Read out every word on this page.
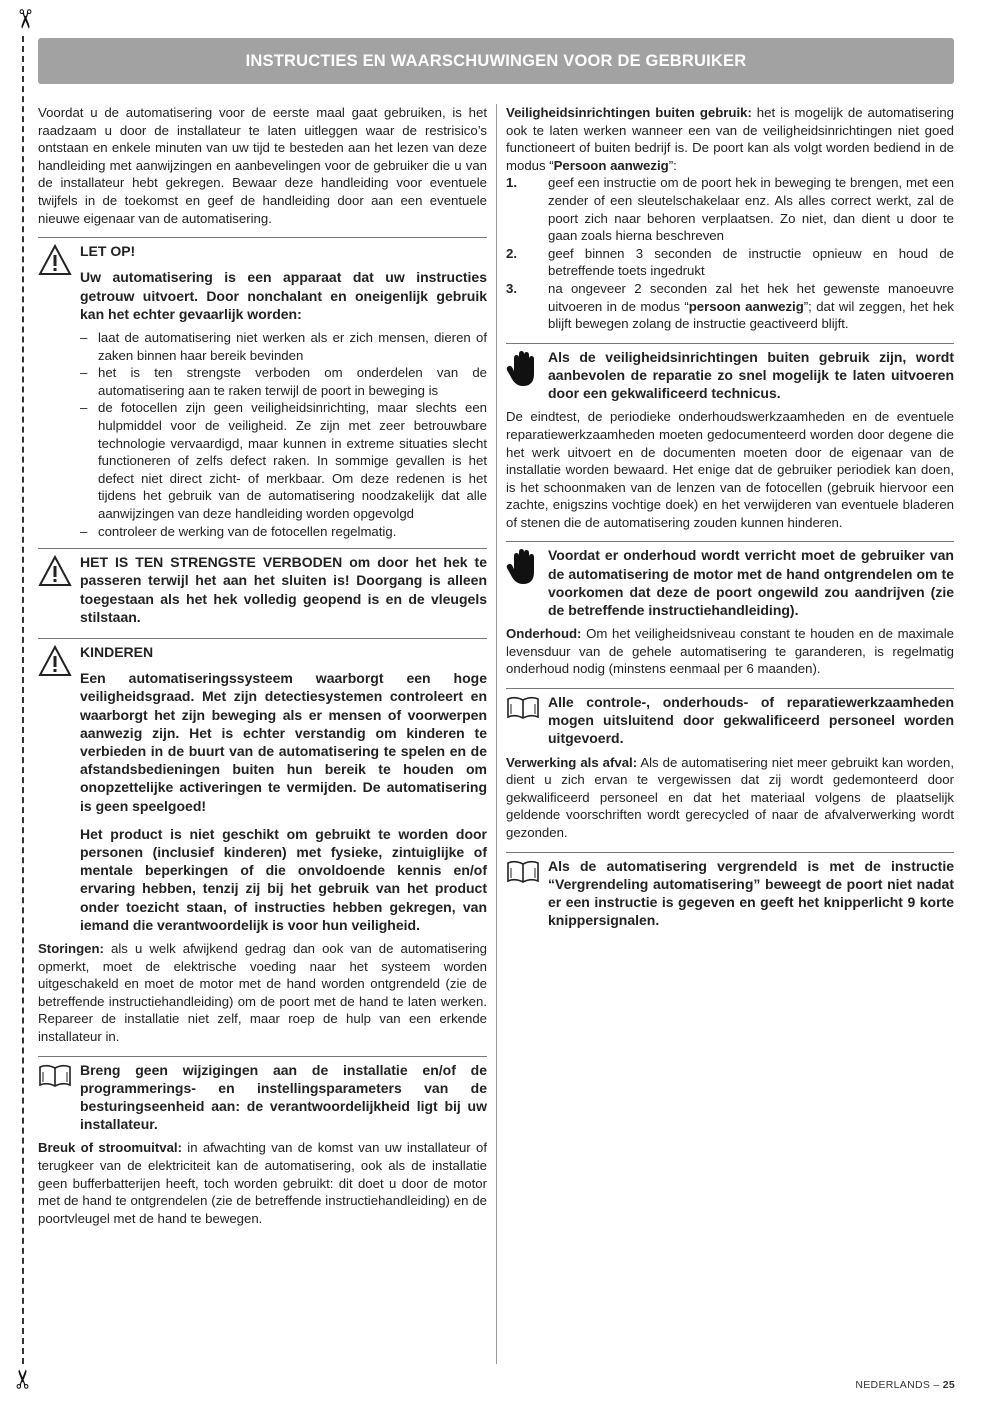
✂
✂
INSTRUCTIES EN WAARSCHUWINGEN VOOR DE GEBRUIKER

Voordat u de automatisering voor de eerste maal gaat gebruiken, is het raadzaam u door de installateur te laten uitleggen waar de restrisico’s ontstaan en enkele minuten van uw tijd te besteden aan het lezen van deze handleiding met aanwijzingen en aanbevelingen voor de gebruiker die u van de installateur hebt gekregen. Bewaar deze handleiding voor eventuele twijfels in de toekomst en geef de handleiding door aan een eventuele nieuwe eigenaar van de automatisering.

LET OP!

Uw automatisering is een apparaat dat uw instructies getrouw uitvoert. Door nonchalant en oneigenlijk gebruik kan het echter gevaarlijk worden:

– laat de automatisering niet werken als er zich mensen, dieren of zaken binnen haar bereik bevinden
– het is ten strengste verboden om onderdelen van de automatisering aan te raken terwijl de poort in beweging is
– de fotocellen zijn geen veiligheidsinrichting, maar slechts een hulpmiddel voor de veiligheid. Ze zijn met zeer betrouwbare technologie vervaardigd, maar kunnen in extreme situaties slecht functioneren of zelfs defect raken. In sommige gevallen is het defect niet direct zicht- of merkbaar. Om deze redenen is het tijdens het gebruik van de automatisering noodzakelijk dat alle aanwijzingen van deze handleiding worden opgevolgd
– controleer de werking van de fotocellen regelmatig.

HET IS TEN STRENGSTE VERBODEN om door het hek te passeren terwijl het aan het sluiten is! Doorgang is alleen toegestaan als het hek volledig geopend is en de vleugels stilstaan.

KINDEREN

Een automatiseringssysteem waarborgt een hoge veiligheidsgraad. Met zijn detectiesystemen controleert en waarborgt het zijn beweging als er mensen of voorwerpen aanwezig zijn. Het is echter verstandig om kinderen te verbieden in de buurt van de automatisering te spelen en de afstandsbedieningen buiten hun bereik te houden om onopzettelijke activeringen te vermijden. De automatisering is geen speelgoed!

Het product is niet geschikt om gebruikt te worden door personen (inclusief kinderen) met fysieke, zintuiglijke of mentale beperkingen of die onvoldoende kennis en/of ervaring hebben, tenzij zij bij het gebruik van het product onder toezicht staan, of instructies hebben gekregen, van iemand die verantwoordelijk is voor hun veiligheid.

Storingen: als u welk afwijkend gedrag dan ook van de automatisering opmerkt, moet de elektrische voeding naar het systeem worden uitgeschakeld en moet de motor met de hand worden ontgrendeld (zie de betreffende instructiehandleiding) om de poort met de hand te laten werken. Repareer de installatie niet zelf, maar roep de hulp van een erkende installateur in.

Breng geen wijzigingen aan de installatie en/of de programmerings- en instellingsparameters van de besturingseenheid aan: de verantwoordelijkheid ligt bij uw installateur.

Breuk of stroomuitval: in afwachting van de komst van uw installateur of terugkeer van de elektriciteit kan de automatisering, ook als de installatie geen bufferbatterijen heeft, toch worden gebruikt: dit doet u door de motor met de hand te ontgrendelen (zie de betreffende instructiehandleiding) en de poortvleugel met de hand te bewegen.

Veiligheidsinrichtingen buiten gebruik: het is mogelijk de automatisering ook te laten werken wanneer een van de veiligheidsinrichtingen niet goed functioneert of buiten bedrijf is. De poort kan als volgt worden bediend in de modus “Persoon aanwezig”:

1.	geef een instructie om de poort hek in beweging te brengen, met een zender of een sleutelschakelaar enz. Als alles correct werkt, zal de poort zich naar behoren verplaatsen. Zo niet, dan dient u door te gaan zoals hierna beschreven
2.	geef binnen 3 seconden de instructie opnieuw en houd de betreffende toets ingedrukt
3.	na ongeveer 2 seconden zal het hek het gewenste manoeuvre uitvoeren in de modus “persoon aanwezig”; dat wil zeggen, het hek blijft bewegen zolang de instructie geactiveerd blijft.

Als de veiligheidsinrichtingen buiten gebruik zijn, wordt aanbevolen de reparatie zo snel mogelijk te laten uitvoeren door een gekwalificeerd technicus.

De eindtest, de periodieke onderhoudswerkzaamheden en de eventuele reparatiewerkzaamheden moeten gedocumenteerd worden door degene die het werk uitvoert en de documenten moeten door de eigenaar van de installatie worden bewaard. Het enige dat de gebruiker periodiek kan doen, is het schoonmaken van de lenzen van de fotocellen (gebruik hiervoor een zachte, enigszins vochtige doek) en het verwijderen van eventuele bladeren of stenen die de automatisering zouden kunnen hinderen.

Voordat er onderhoud wordt verricht moet de gebruiker van de automatisering de motor met de hand ontgrendelen om te voorkomen dat deze de poort ongewild zou aandrijven (zie de betreffende instructiehandleiding).

Onderhoud: Om het veiligheidsniveau constant te houden en de maximale levensduur van de gehele automatisering te garanderen, is regelmatig onderhoud nodig (minstens eenmaal per 6 maanden).

Alle controle-, onderhouds- of reparatiewerkzaamheden mogen uitsluitend door gekwalificeerd personeel worden uitgevoerd.

Verwerking als afval: Als de automatisering niet meer gebruikt kan worden, dient u zich ervan te vergewissen dat zij wordt gedemonteerd door gekwalificeerd personeel en dat het materiaal volgens de plaatselijk geldende voorschriften wordt gerecycled of naar de afvalverwerking wordt gezonden.

Als de automatisering vergrendeld is met de instructie “Vergrendeling automatisering” beweegt de poort niet nadat er een instructie is gegeven en geeft het knipperlicht 9 korte knippersignalen.

NEDERLANDS – 25
